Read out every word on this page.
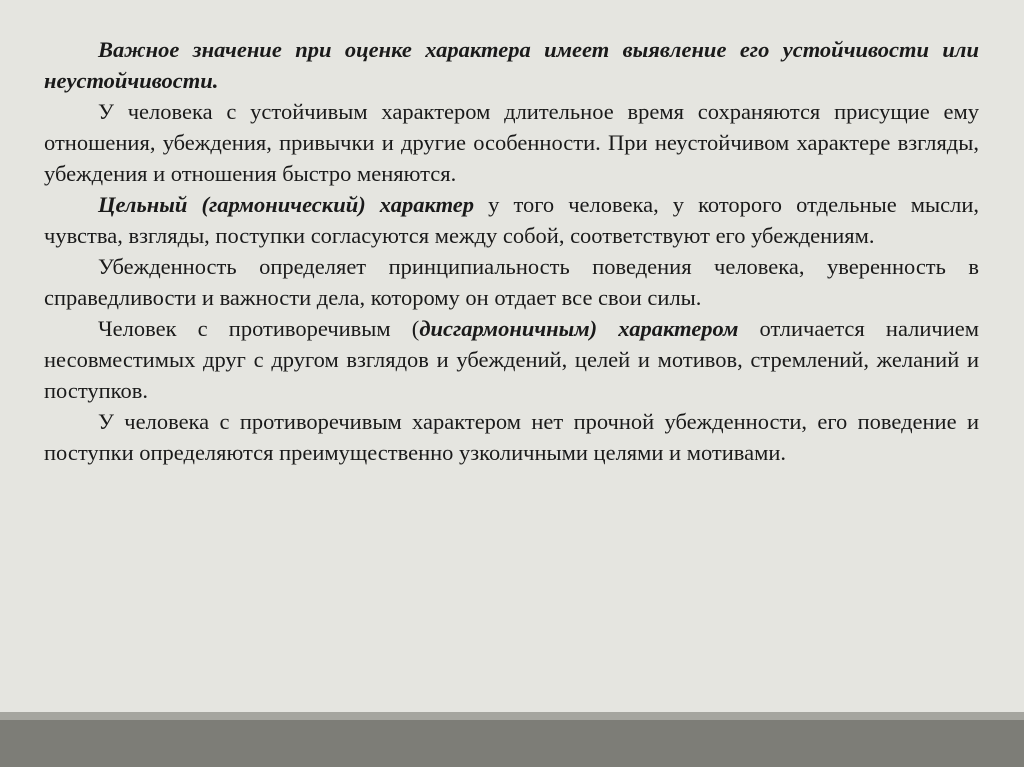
Важное значение при оценке характера имеет выявление его устойчивости или неустойчивости.

У человека с устойчивым характером длительное время сохраняются присущие ему отношения, убеждения, привычки и другие особенности. При неустойчивом характере взгляды, убеждения и отношения быстро меняются.

Цельный (гармонический) характер у того человека, у которого отдельные мысли, чувства, взгляды, поступки согласуются между собой, соответствуют его убеждениям.

Убежденность определяет принципиальность поведения человека, уверенность в справедливости и важности дела, которому он отдает все свои силы.

Человек с противоречивым (дисгармоничным) характером отличается наличием несовместимых друг с другом взглядов и убеждений, целей и мотивов, стремлений, желаний и поступков.

У человека с противоречивым характером нет прочной убежденности, его поведение и поступки определяются преимущественно узколичными целями и мотивами.
